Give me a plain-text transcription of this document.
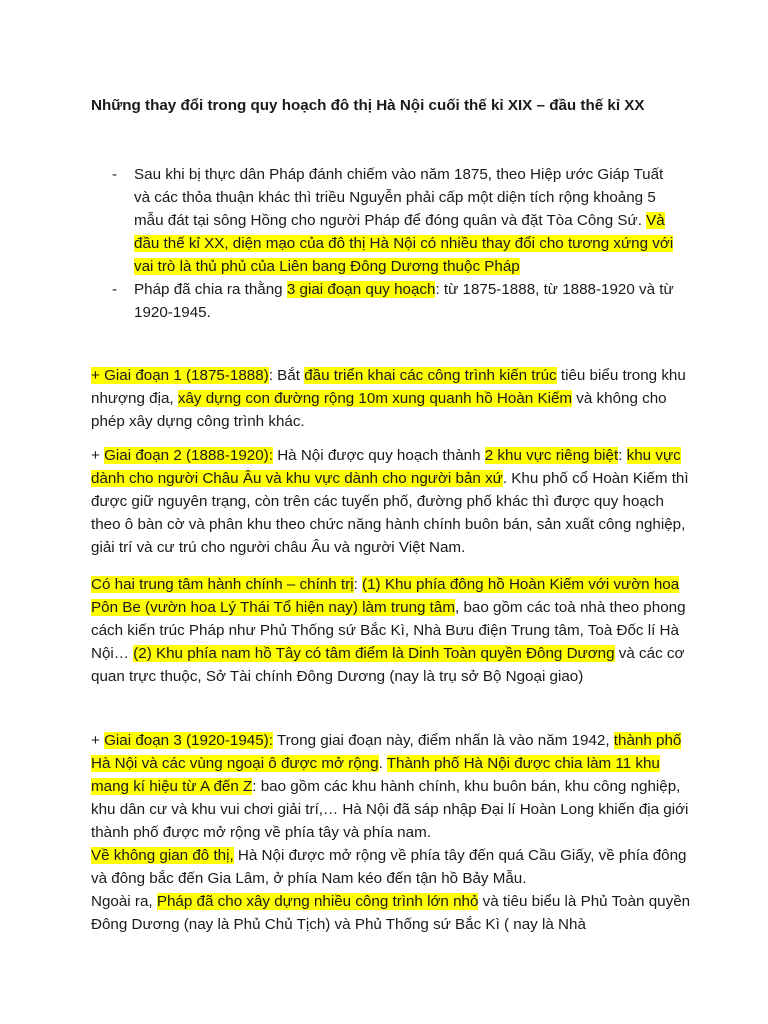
Những thay đổi trong quy hoạch đô thị Hà Nội cuối thế kỉ XIX – đầu thế kỉ XX

- Sau khi bị thực dân Pháp đánh chiếm vào năm 1875, theo Hiệp ước Giáp Tuất và các thỏa thuận khác thì triều Nguyễn phải cấp một diện tích rộng khoảng 5 mẫu đát tại sông Hồng cho người Pháp để đóng quân và đặt Tòa Công Sứ. Và đầu thế kỉ XX, diện mạo của đô thị Hà Nội có nhiều thay đổi cho tương xứng với vai trò là thủ phủ của Liên bang Đông Dương thuộc Pháp
- Pháp đã chia ra thằng 3 giai đoạn quy hoạch: từ 1875-1888, từ 1888-1920 và từ 1920-1945.

+ Giai đoạn 1 (1875-1888): Bắt đầu triển khai các công trình kiến trúc tiêu biểu trong khu nhượng địa, xây dựng con đường rộng 10m xung quanh hồ Hoàn Kiếm và không cho phép xây dựng công trình khác.

+ Giai đoạn 2 (1888-1920): Hà Nội được quy hoạch thành 2 khu vực riêng biệt: khu vực dành cho người Châu Âu và khu vực dành cho người bản xứ. Khu phố cổ Hoàn Kiếm thì được giữ nguyên trạng, còn trên các tuyến phố, đường phố khác thì được quy hoạch theo ô bàn cờ và phân khu theo chức năng hành chính buôn bán, sản xuất công nghiệp, giải trí và cư trú cho người châu Âu và người Việt Nam.

Có hai trung tâm hành chính – chính trị: (1) Khu phía đông hồ Hoàn Kiếm với vườn hoa Pôn Be (vườn hoa Lý Thái Tổ hiện nay) làm trung tâm, bao gồm các toà nhà theo phong cách kiến trúc Pháp như Phủ Thống sứ Bắc Kì, Nhà Bưu điện Trung tâm, Toà Đốc lí Hà Nội… (2) Khu phía nam hồ Tây có tâm điểm là Dinh Toàn quyền Đông Dương và các cơ quan trực thuộc, Sở Tài chính Đông Dương (nay là trụ sở Bộ Ngoại giao)

+ Giai đoạn 3 (1920-1945): Trong giai đoạn này, điểm nhấn là vào năm 1942, thành phố Hà Nội và các vùng ngoại ô được mở rộng. Thành phố Hà Nội được chia làm 11 khu mang kí hiệu từ A đến Z: bao gồm các khu hành chính, khu buôn bán, khu công nghiệp, khu dân cư và khu vui chơi giải trí,… Hà Nội đã sáp nhập Đại lí Hoàn Long khiến địa giới thành phố được mở rộng về phía tây và phía nam.
Về không gian đô thị, Hà Nội được mở rộng về phía tây đến quá Cầu Giấy, về phía đông và đông bắc đến Gia Lâm, ở phía Nam kéo đến tận hồ Bảy Mẫu.
Ngoài ra, Pháp đã cho xây dựng nhiều công trình lớn nhỏ và tiêu biểu là Phủ Toàn quyền Đông Dương (nay là Phủ Chủ Tịch) và Phủ Thống sứ Bắc Kì ( nay là Nhà
